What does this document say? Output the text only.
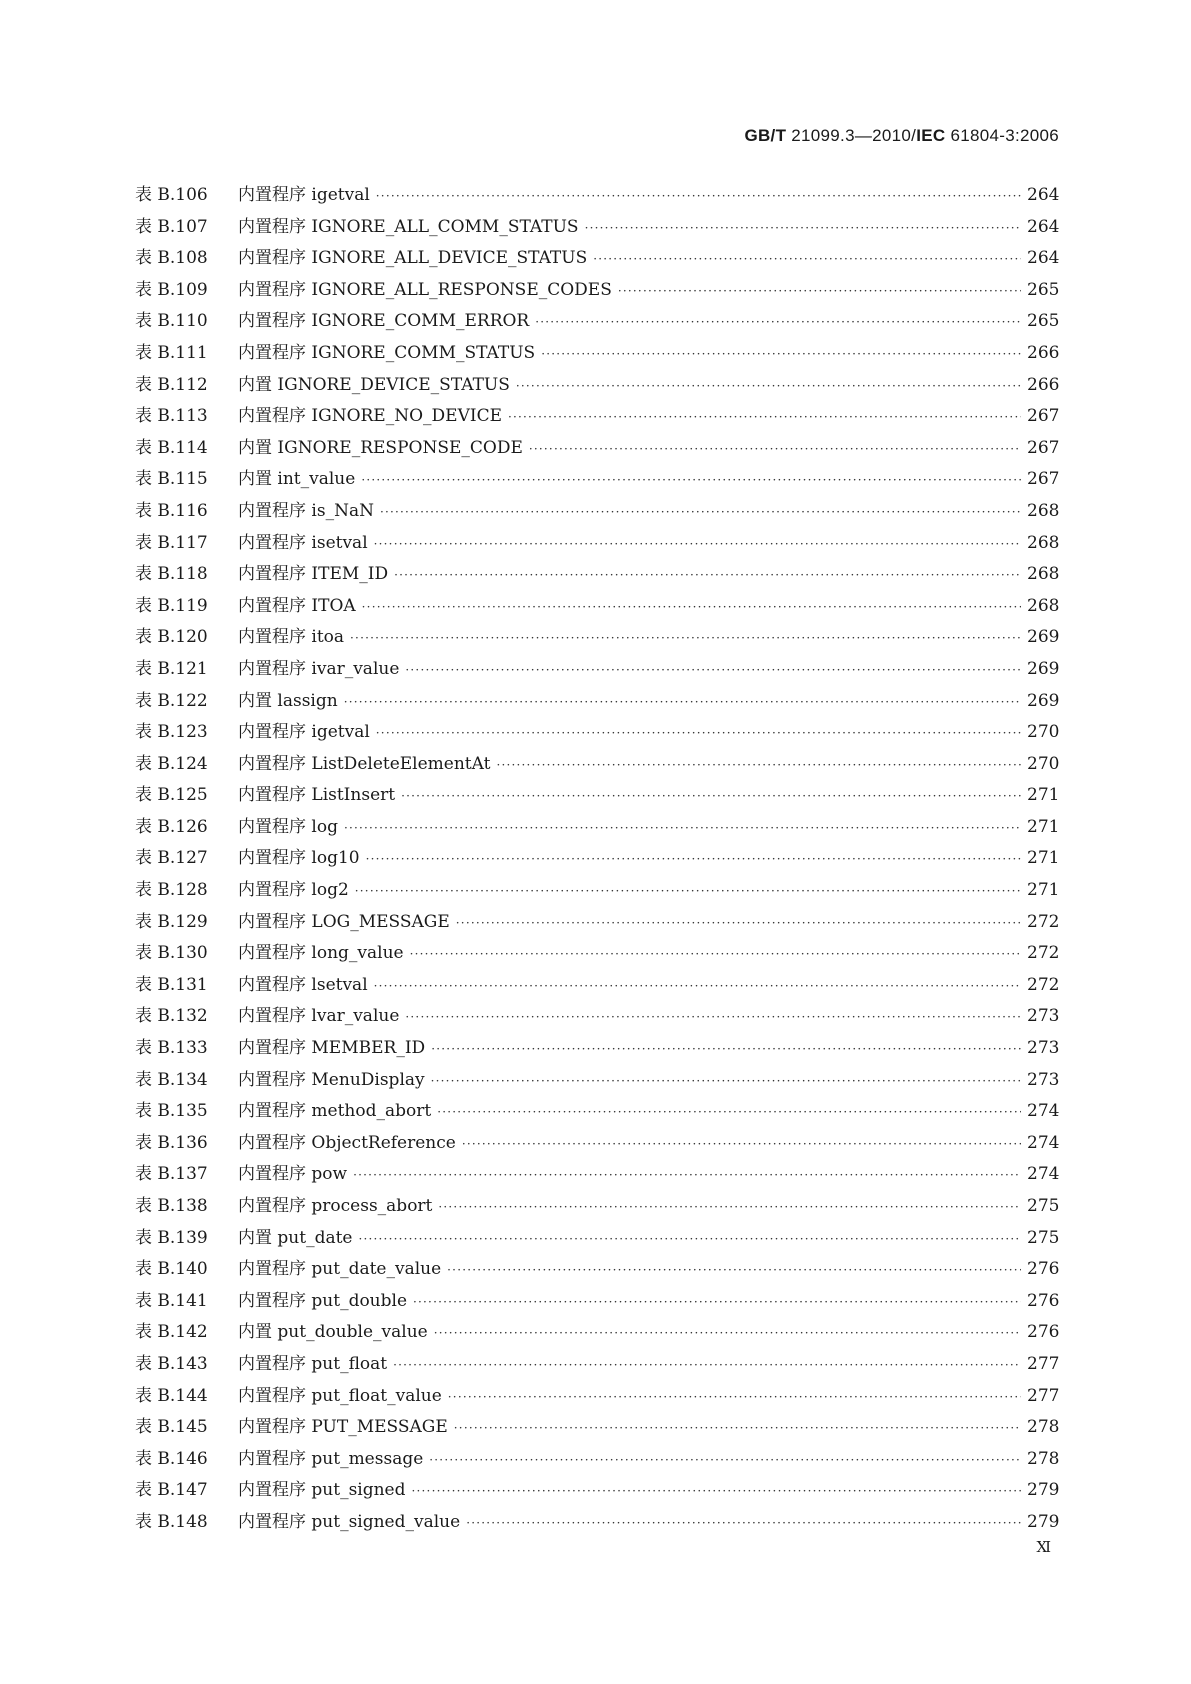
GB/T 21099.3—2010/IEC 61804-3:2006
表 B.106	内置程序 igetval ·····	264
表 B.107	内置程序 IGNORE_ALL_COMM_STATUS ·····	264
表 B.108	内置程序 IGNORE_ALL_DEVICE_STATUS ·····	264
表 B.109	内置程序 IGNORE_ALL_RESPONSE_CODES ·····	265
表 B.110	内置程序 IGNORE_COMM_ERROR ·····	265
表 B.111	内置程序 IGNORE_COMM_STATUS ·····	266
表 B.112	内置 IGNORE_DEVICE_STATUS ·····	266
表 B.113	内置程序 IGNORE_NO_DEVICE ·····	267
表 B.114	内置 IGNORE_RESPONSE_CODE ·····	267
表 B.115	内置 int_value ·····	267
表 B.116	内置程序 is_NaN ·····	268
表 B.117	内置程序 isetval ·····	268
表 B.118	内置程序 ITEM_ID ·····	268
表 B.119	内置程序 ITOA ·····	268
表 B.120	内置程序 itoa ·····	269
表 B.121	内置程序 ivar_value ·····	269
表 B.122	内置 lassign ·····	269
表 B.123	内置程序 igetval ·····	270
表 B.124	内置程序 ListDeleteElementAt ·····	270
表 B.125	内置程序 ListInsert ·····	271
表 B.126	内置程序 log ·····	271
表 B.127	内置程序 log10 ·····	271
表 B.128	内置程序 log2 ·····	271
表 B.129	内置程序 LOG_MESSAGE ·····	272
表 B.130	内置程序 long_value ·····	272
表 B.131	内置程序 lsetval ·····	272
表 B.132	内置程序 lvar_value ·····	273
表 B.133	内置程序 MEMBER_ID ·····	273
表 B.134	内置程序 MenuDisplay ·····	273
表 B.135	内置程序 method_abort ·····	274
表 B.136	内置程序 ObjectReference ·····	274
表 B.137	内置程序 pow ·····	274
表 B.138	内置程序 process_abort ·····	275
表 B.139	内置 put_date ·····	275
表 B.140	内置程序 put_date_value ·····	276
表 B.141	内置程序 put_double ·····	276
表 B.142	内置 put_double_value ·····	276
表 B.143	内置程序 put_float ·····	277
表 B.144	内置程序 put_float_value ·····	277
表 B.145	内置程序 PUT_MESSAGE ·····	278
表 B.146	内置程序 put_message ·····	278
表 B.147	内置程序 put_signed ·····	279
表 B.148	内置程序 put_signed_value ·····	279
Ⅺ
